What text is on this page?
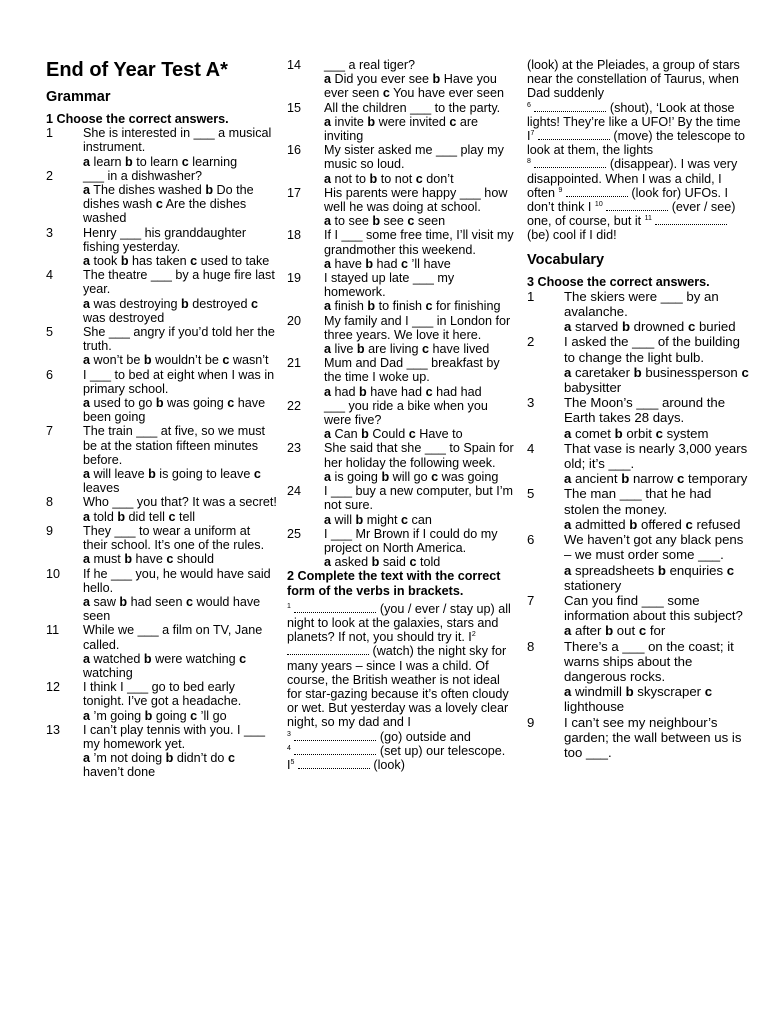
End of Year Test A*
Grammar
1 Choose the correct answers.
1 She is interested in ___ a musical instrument.
a learn b to learn c learning
2 ___ in a dishwasher?
a The dishes washed b Do the dishes wash c Are the dishes washed
3 Henry ___ his granddaughter fishing yesterday.
a took b has taken c used to take
4 The theatre ___ by a huge fire last year.
a was destroying b destroyed c was destroyed
5 She ___ angry if you’d told her the truth.
a won’t be b wouldn’t be c wasn’t
6 I ___ to bed at eight when I was in primary school.
a used to go b was going c have been going
7 The train ___ at five, so we must be at the station fifteen minutes before.
a will leave b is going to leave c leaves
8 Who ___ you that? It was a secret!
a told b did tell c tell
9 They ___ to wear a uniform at their school. It’s one of the rules.
a must b have c should
10 If he ___ you, he would have said hello.
a saw b had seen c would have seen
11 While we ___ a film on TV, Jane called.
a watched b were watching c watching
12 I think I ___ go to bed early tonight. I’ve got a headache.
a ’m going b going c ’ll go
13 I can’t play tennis with you. I ___ my homework yet.
a ’m not doing b didn’t do c haven’t done
14 ___ a real tiger?
a Did you ever see b Have you ever seen c You have ever seen
15 All the children ___ to the party.
a invite b were invited c are inviting
16 My sister asked me ___ play my music so loud.
a not to b to not c don’t
17 His parents were happy ___ how well he was doing at school.
a to see b see c seen
18 If I ___ some free time, I’ll visit my grandmother this weekend.
a have b had c ’ll have
19 I stayed up late ___ my homework.
a finish b to finish c for finishing
20 My family and I ___ in London for three years. We love it here.
a live b are living c have lived
21 Mum and Dad ___ breakfast by the time I woke up.
a had b have had c had had
22 ___ you ride a bike when you were five?
a Can b Could c Have to
23 She said that she ___ to Spain for her holiday the following week.
a is going b will go c was going
24 I ___ buy a new computer, but I’m not sure.
a will b might c can
25 I ___ Mr Brown if I could do my project on North America.
a asked b said c told
2 Complete the text with the correct form of the verbs in brackets.
$^1$	(you / ever / stay up) all night to look at the galaxies, stars and planets? If not, you should try it. $I^2$  (watch) the night sky for many years – since I was a child. Of course, the British weather is not ideal for star-gazing because it’s often cloudy or wet. But yesterday was a lovely clear night, so my dad and I
$^3$	(go) outside and
$^4$	(set up) our telescope. $I^5$	(look)
(look) at the Pleiades, a group of stars near the constellation of Taurus, when Dad suddenly
$^6$	(shout), ‘Look at those lights! They’re like a UFO!’ By the time $I^7$	(move) the telescope to look at them, the lights
$^8$	(disappear). I was very disappointed. When I was a child, I often $^9$	(look for) UFOs. I don’t think I $^{10}$	(ever / see) one, of course, but it $^{11}$  (be) cool if I did!
Vocabulary
3 Choose the correct answers.
1 The skiers were ___ by an avalanche.
a starved b drowned c buried
2 I asked the ___ of the building to change the light bulb.
a caretaker b businessperson c babysitter
3 The Moon’s ___ around the Earth takes 28 days.
a comet b orbit c system
4 That vase is nearly 3,000 years old; it’s ___.
a ancient b narrow c temporary
5 The man ___ that he had stolen the money.
a admitted b offered c refused
6 We haven’t got any black pens – we must order some ___.
a spreadsheets b enquiries c stationery
7 Can you find ___ some information about this subject?
a after b out c for
8 There’s a ___ on the coast; it warns ships about the dangerous rocks.
a windmill b skyscraper c lighthouse
9 I can’t see my neighbour’s garden; the wall between us is too ___.
